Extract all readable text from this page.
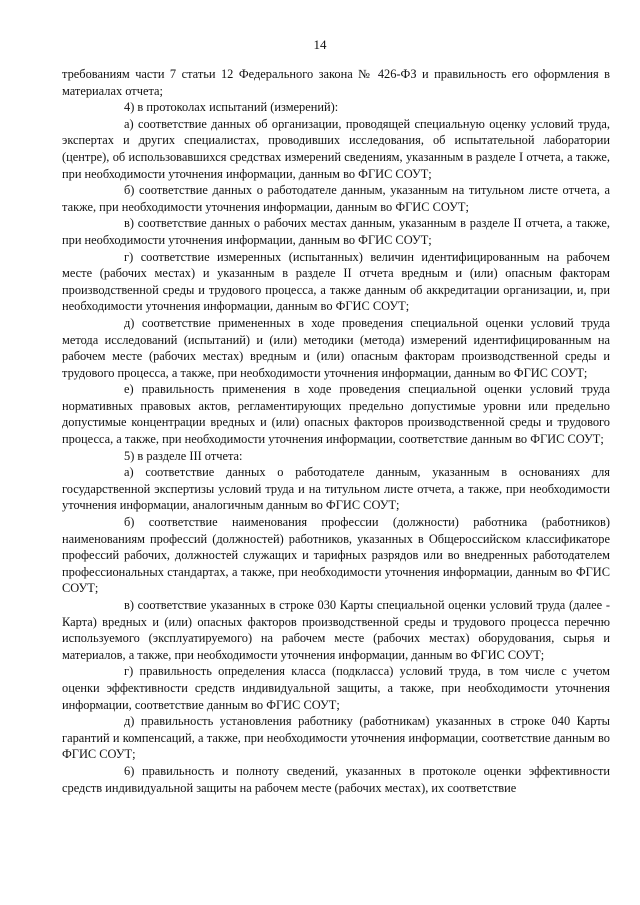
14

требованиям части 7 статьи 12 Федерального закона № 426-ФЗ и правильность его оформления в материалах отчета;

4) в протоколах испытаний (измерений):

а) соответствие данных об организации, проводящей специальную оценку условий труда, экспертах и других специалистах, проводивших исследования, об испытательной лаборатории (центре), об использовавшихся средствах измерений сведениям, указанным в разделе I отчета, а также, при необходимости уточнения информации, данным во ФГИС СОУТ;

б) соответствие данных о работодателе данным, указанным на титульном листе отчета, а также, при необходимости уточнения информации, данным во ФГИС СОУТ;

в) соответствие данных о рабочих местах данным, указанным в разделе II отчета, а также, при необходимости уточнения информации, данным во ФГИС СОУТ;

г) соответствие измеренных (испытанных) величин идентифицированным на рабочем месте (рабочих местах) и указанным в разделе II отчета вредным и (или) опасным факторам производственной среды и трудового процесса, а также данным об аккредитации организации, и, при необходимости уточнения информации, данным во ФГИС СОУТ;

д) соответствие примененных в ходе проведения специальной оценки условий труда метода исследований (испытаний) и (или) методики (метода) измерений идентифицированным на рабочем месте (рабочих местах) вредным и (или) опасным факторам производственной среды и трудового процесса, а также, при необходимости уточнения информации, данным во ФГИС СОУТ;

е) правильность применения в ходе проведения специальной оценки условий труда нормативных правовых актов, регламентирующих предельно допустимые уровни или предельно допустимые концентрации вредных и (или) опасных факторов производственной среды и трудового процесса, а также, при необходимости уточнения информации, соответствие данным во ФГИС СОУТ;

5) в разделе III отчета:

а) соответствие данных о работодателе данным, указанным в основаниях для государственной экспертизы условий труда и на титульном листе отчета, а также, при необходимости уточнения информации, аналогичным данным во ФГИС СОУТ;

б) соответствие наименования профессии (должности) работника (работников) наименованиям профессий (должностей) работников, указанных в Общероссийском классификаторе профессий рабочих, должностей служащих и тарифных разрядов или во внедренных работодателем профессиональных стандартах, а также, при необходимости уточнения информации, данным во ФГИС СОУТ;

в) соответствие указанных в строке 030 Карты специальной оценки условий труда (далее - Карта) вредных и (или) опасных факторов производственной среды и трудового процесса перечню используемого (эксплуатируемого) на рабочем месте (рабочих местах) оборудования, сырья и материалов, а также, при необходимости уточнения информации, данным во ФГИС СОУТ;

г) правильность определения класса (подкласса) условий труда, в том числе с учетом оценки эффективности средств индивидуальной защиты, а также, при необходимости уточнения информации, соответствие данным во ФГИС СОУТ;

д) правильность установления работнику (работникам) указанных в строке 040 Карты гарантий и компенсаций, а также, при необходимости уточнения информации, соответствие данным во ФГИС СОУТ;

6) правильность и полноту сведений, указанных в протоколе оценки эффективности средств индивидуальной защиты на рабочем месте (рабочих местах), их соответствие
